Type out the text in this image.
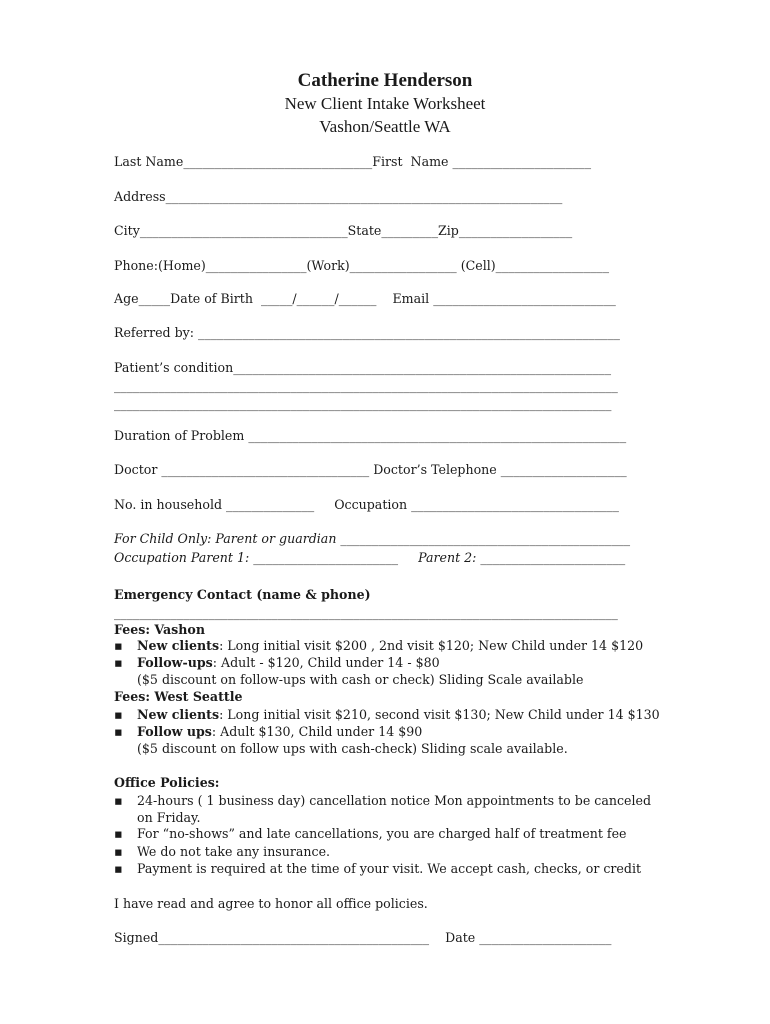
Catherine Henderson
New Client Intake Worksheet
Vashon/Seattle WA
Last Name______________________________First  Name ______________________
Address_______________________________________________________________
City_________________________________State_________Zip__________________
Phone:(Home)________________(Work)_________________ (Cell)__________________
Age_____Date of Birth  _____/______/______    Email _____________________________
Referred by: ___________________________________________________________________
Patient’s condition____________________________________________________________
________________________________________________________________________________
_______________________________________________________________________________
Duration of Problem ____________________________________________________________
Doctor _________________________________ Doctor’s Telephone ____________________
No. in household ______________     Occupation _________________________________
For Child Only: Parent or guardian ______________________________________________
Occupation Parent 1: _______________________     Parent 2: _______________________
Emergency Contact (name & phone)
________________________________________________________________________________
Fees: Vashon
▪ New clients: Long initial visit $200 , 2nd visit $120; New Child under 14 $120
▪ Follow-ups: Adult - $120, Child under 14 - $80
($5 discount on follow-ups with cash or check) Sliding Scale available
Fees: West Seattle
▪ New clients: Long initial visit $210, second visit $130; New Child under 14 $130
▪ Follow ups: Adult $130, Child under 14 $90
($5 discount on follow ups with cash-check) Sliding scale available.
Office Policies:
▪ 24-hours ( 1 business day) cancellation notice Mon appointments to be canceled
on Friday.
▪ For “no-shows” and late cancellations, you are charged half of treatment fee
▪ We do not take any insurance.
▪ Payment is required at the time of your visit. We accept cash, checks, or credit
I have read and agree to honor all office policies.
Signed___________________________________________    Date _____________________
